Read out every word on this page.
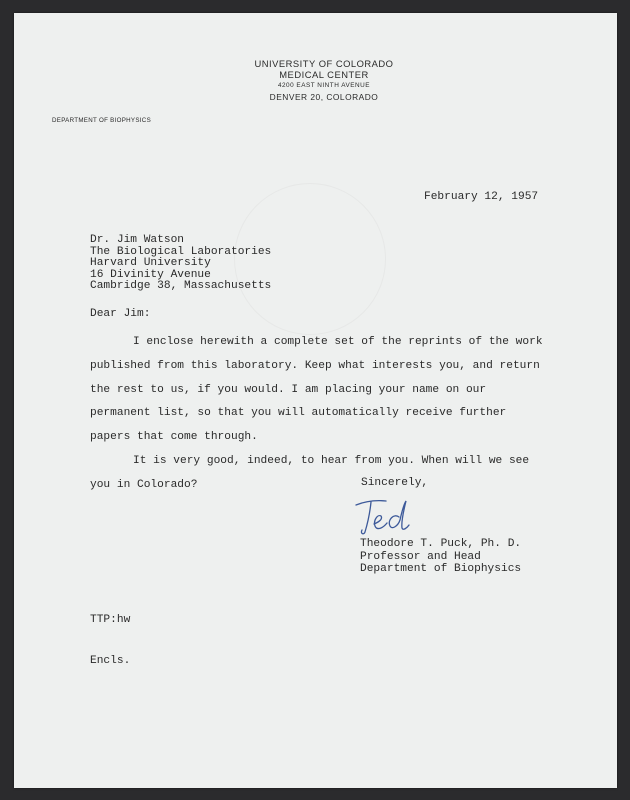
UNIVERSITY OF COLORADO
MEDICAL CENTER
4200 EAST NINTH AVENUE
DENVER 20, COLORADO
DEPARTMENT OF BIOPHYSICS
February 12, 1957
Dr. Jim Watson
The Biological Laboratories
Harvard University
16 Divinity Avenue
Cambridge 38, Massachusetts
Dear Jim:

I enclose herewith a complete set of the reprints of the work published from this laboratory. Keep what interests you, and return the rest to us, if you would. I am placing your name on our permanent list, so that you will automatically receive further papers that come through.

It is very good, indeed, to hear from you. When will we see you in Colorado?	Sincerely,
Theodore T. Puck, Ph. D.
Professor and Head
Department of Biophysics
TTP:hw
Encls.
